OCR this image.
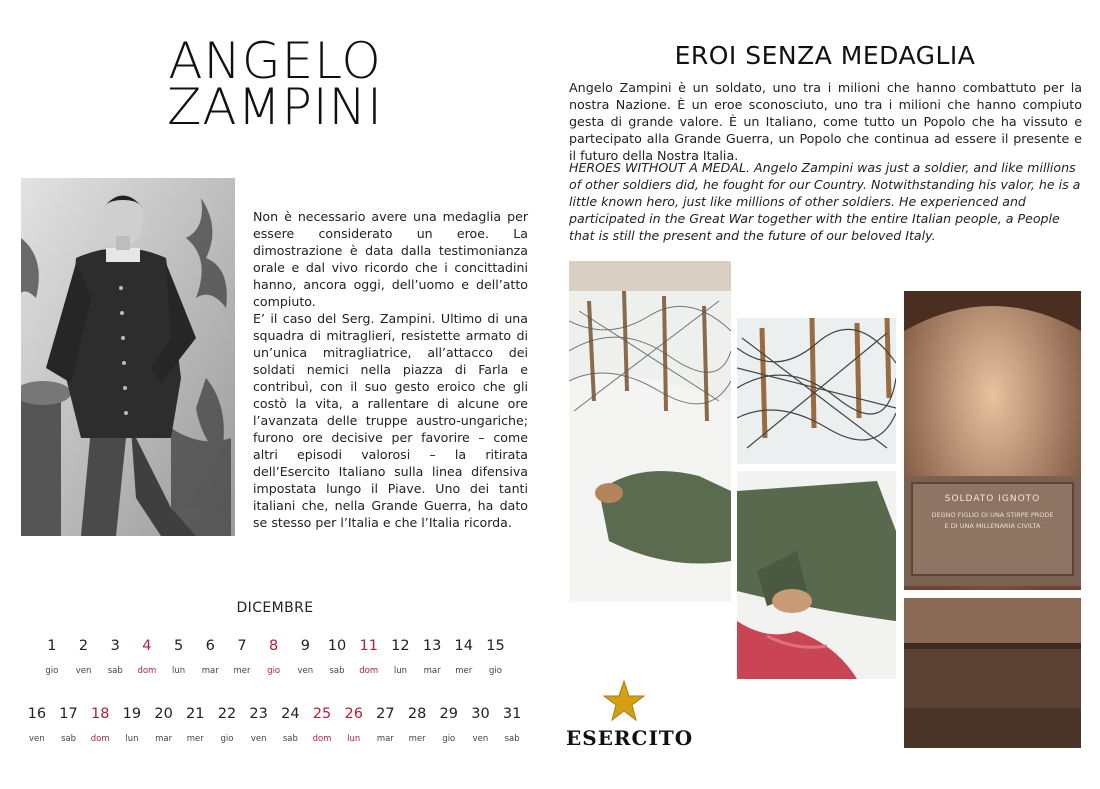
ANGELO
ZAMPINI

Non è necessario avere una medaglia per essere considerato un eroe. La dimostrazione è data dalla testimonianza orale e dal vivo ricordo che i concittadini hanno, ancora oggi, dell’uomo e dell’atto compiuto.

E’ il caso del Serg. Zampini. Ultimo di una squadra di mitraglieri, resistette armato di un’unica mitragliatrice, all’attacco dei soldati nemici nella piazza di Farla e contribuì, con il suo gesto eroico che gli costò la vita, a rallentare di alcune ore l’avanzata delle truppe austro-ungariche; furono ore decisive per favorire – come altri episodi valorosi – la ritirata dell’Esercito Italiano sulla linea difensiva impostata lungo il Piave. Uno dei tanti italiani che, nella Grande Guerra, ha dato se stesso per l’Italia e che l’Italia ricorda.

DICEMBRE
1
gio
2
ven
3
sab
4
dom
5
lun
6
mar
7
mer
8
gio
9
ven
10
sab
11
dom
12
lun
13
mar
14
mer
15
gio
16
ven
17
sab
18
dom
19
lun
20
mar
21
mer
22
gio
23
ven
24
sab
25
dom
26
lun
27
mar
28
mer
29
gio
30
ven
31
sab
EROI SENZA MEDAGLIA
Angelo Zampini è un soldato, uno tra i milioni che hanno combattuto per la nostra Nazione. È un eroe sconosciuto, uno tra i milioni che hanno compiuto gesta di grande valore. È un Italiano, come tutto un Popolo che ha vissuto e partecipato alla Grande Guerra, un Popolo che continua ad essere il presente e il futuro della Nostra Italia.
HEROES WITHOUT A MEDAL. Angelo Zampini was just a soldier, and like millions of other soldiers did, he fought for our Country. Notwithstanding his valor, he is a little known hero, just like millions of other soldiers. He experienced and participated in the Great War together with the entire Italian people, a People that is still the present and the future of our beloved Italy.
SOLDATO IGNOTO
DEGNO FIGLIO DI UNA STIRPE PRODE
E DI UNA MILLENARIA CIVILTA
ESERCITO
